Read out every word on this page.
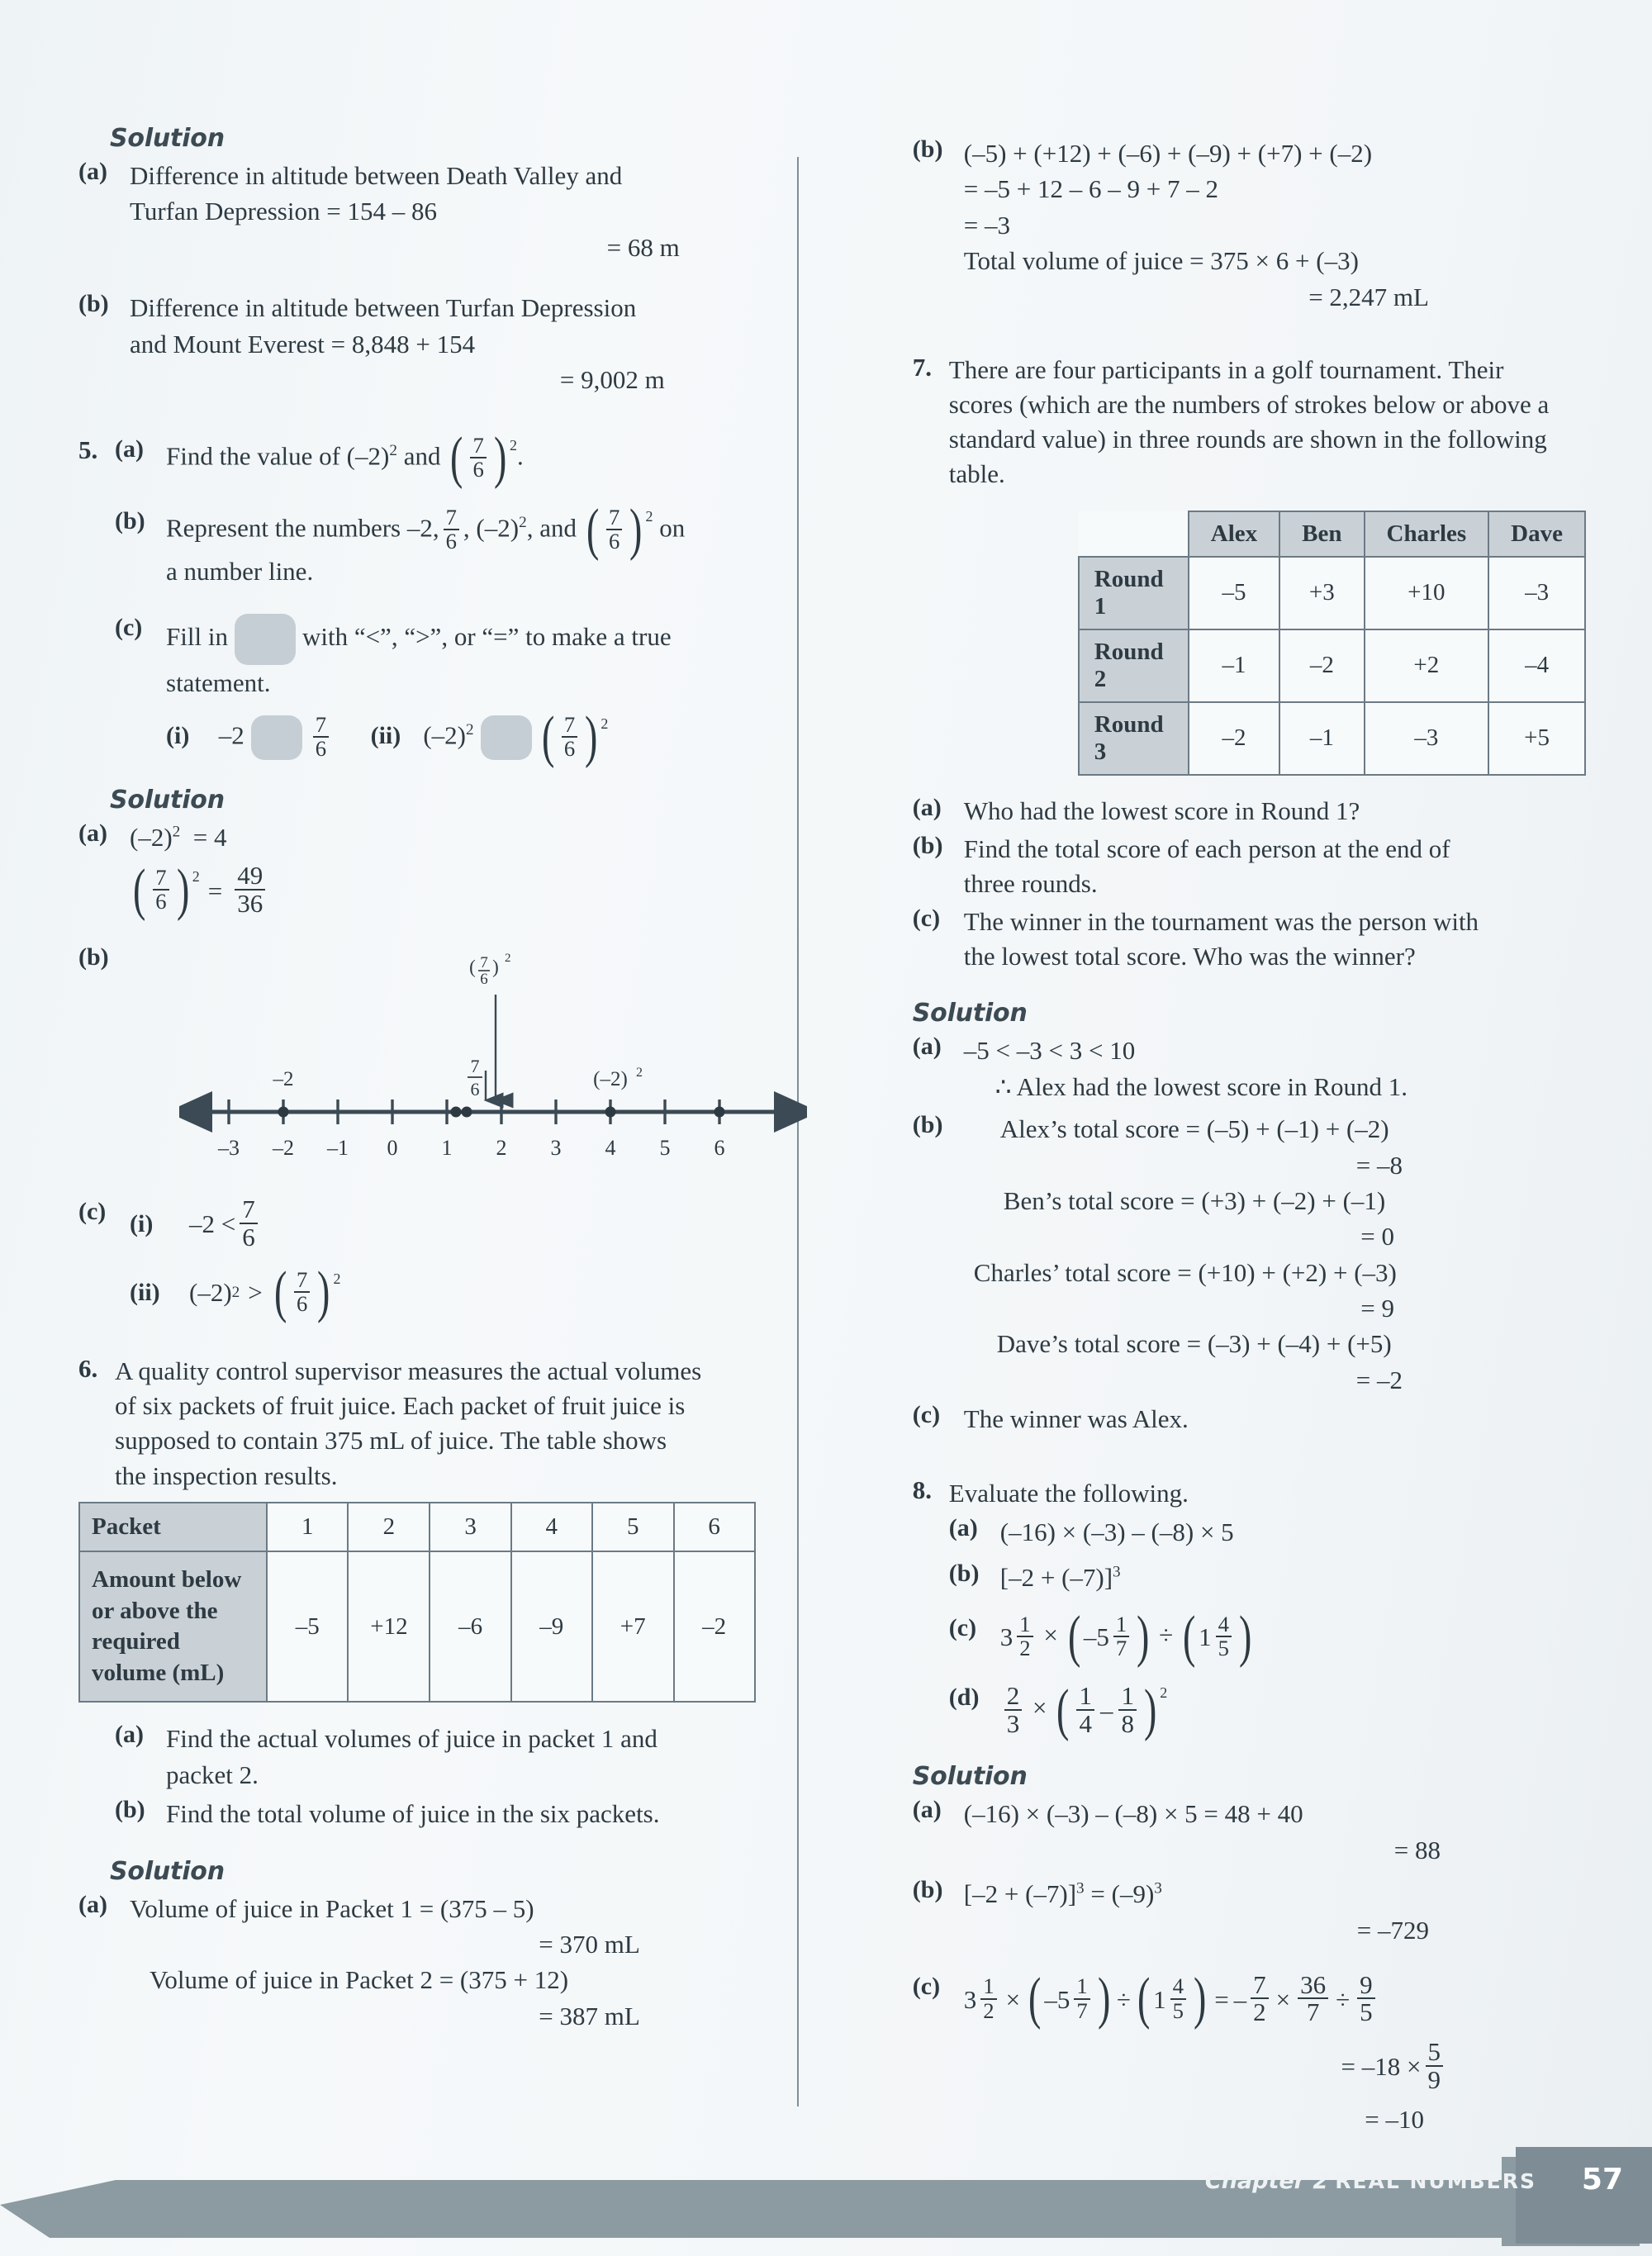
Solution
(a) Difference in altitude between Death Valley and
Turfan Depression = 154 – 86

= 68 m
(b) Difference in altitude between Turfan Depression
and Mount Everest = 8,848 + 154

= 9,002 m
5. (a) Find the value of $(-2)^2$ and ( $\frac{7}{6} )^2$ .
(b) Represent the numbers –2, $\frac{7}{6}$ , $(-2)^2$, and ( $\frac{7}{6} )^2$ on
a number line.
(c) Fill in	with “<”, “>”, or “=” to make a true
statement.
(i) –2	$\frac{7}{6} (ii)$ $(-2)^2$ ( $\frac{7}{6} )^2$
Solution
(a) $(-2)^2 = 4$

( $\frac{7}{6} )^2 = \frac{49}{36}$
(b)	( 7
6
) 2
7
6
–2	(–2) 2
–3 –2 –1 0 1 2 3 4 5 6
(c) (i)	$-2 < \frac{7}{6}$

(ii)	(–2) 2 > ( $\frac{7}{6} )^2$
6. A quality control supervisor measures the actual volumes
of six packets of fruit juice. Each packet of fruit juice is
supposed to contain 375 mL of juice. The table shows
the inspection results.
Packet	1	2	3	4	5	6
Amount below or above the required volume (mL)	–5	+12	–6	–9	+7	–2
(a) Find the actual volumes of juice in packet 1 and
packet 2.
(b) Find the total volume of juice in the six packets.
Solution
(a) Volume of juice in Packet 1 = (375 – 5)

= 370 mL
Volume of juice in Packet 2 = (375 + 12)
= 387 mL
(b) (–5) + (+12) + (–6) + (–9) + (+7) + (–2)
= –5 + 12 – 6 – 9 + 7 – 2
= –3
Total volume of juice = 375 × 6 + (–3)

= 2,247 mL
7. There are four participants in a golf tournament. Their
scores (which are the numbers of strokes below or above a
standard value) in three rounds are shown in the following
table.
	Alex	Ben	Charles	Dave
Round 1	–5	+3	+10	–3
Round 2	–1	–2	+2	–4
Round 3	–2	–1	–3	+5
(a) Who had the lowest score in Round 1?
(b) Find the total score of each person at the end of
three rounds.
(c) The winner in the tournament was the person with
the lowest total score. Who was the winner?
Solution
(a) –5 < –3 < 3 < 10
∴ Alex had the lowest score in Round 1.
(b)	Alex’s total score = (–5) + (–1) + (–2)
= –8
Ben’s total score = (+3) + (–2) + (–1)
= 0
Charles’ total score = (+10) + (+2) + (–3)
= 9
Dave’s total score = (–3) + (–4) + (+5)
= –2
(c) The winner was Alex.
8. Evaluate the following.
(a) (–16) × (–3) – (–8) × 5
(b) $[-2 + (-7)]^3$
(c) $3 \frac{1}{2}$ × ( $-5 \frac{1}{7}$ ) ÷ ( $1 \frac{4}{5}$ )
$(d) \frac{2}{3}$ × ( $\frac{1}{4} - \frac{1}{8} )^2$
Solution
(a) (–16) × (–3) – (–8) × 5 = 48 + 40

= 88
(b) $[-2 + (-7)]^3 = (-9)^3$

= –729
(c) $3 \frac{1}{2}$ × ( $-5 \frac{1}{7}$ ) ÷ ( $1 \frac{4}{5}$ ) = – $\frac{7}{2} \times \frac{36}{7} \div \frac{9}{5}$
= $-18 \times \frac{5}{9}$
= –10
Chapter 2 REAL NUMBERS 57
